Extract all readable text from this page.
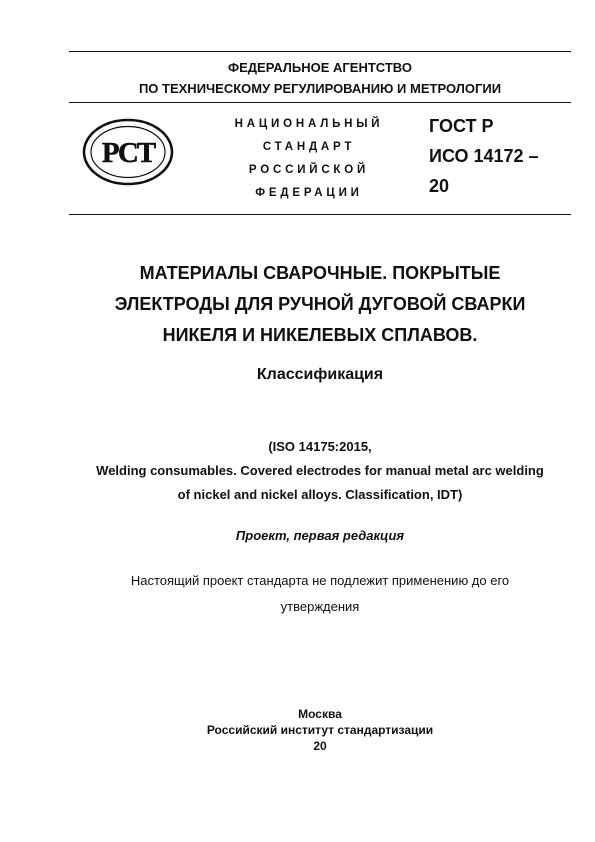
ФЕДЕРАЛЬНОЕ АГЕНТСТВО
ПО ТЕХНИЧЕСКОМУ РЕГУЛИРОВАНИЮ И МЕТРОЛОГИИ
РСТ
НАЦИОНАЛЬНЫЙ
СТАНДАРТ
РОССИЙСКОЙ
ФЕДЕРАЦИИ
ГОСТ Р
ИСО 14172 –
20
МАТЕРИАЛЫ СВАРОЧНЫЕ. ПОКРЫТЫЕ
ЭЛЕКТРОДЫ ДЛЯ РУЧНОЙ ДУГОВОЙ СВАРКИ
НИКЕЛЯ И НИКЕЛЕВЫХ СПЛАВОВ.
Классификация
(ISO 14175:2015,
Welding consumables. Covered electrodes for manual metal arc welding
of nickel and nickel alloys. Classification, IDT)
Проект, первая редакция
Настоящий проект стандарта не подлежит применению до его
утверждения
Москва
Российский институт стандартизации
20
